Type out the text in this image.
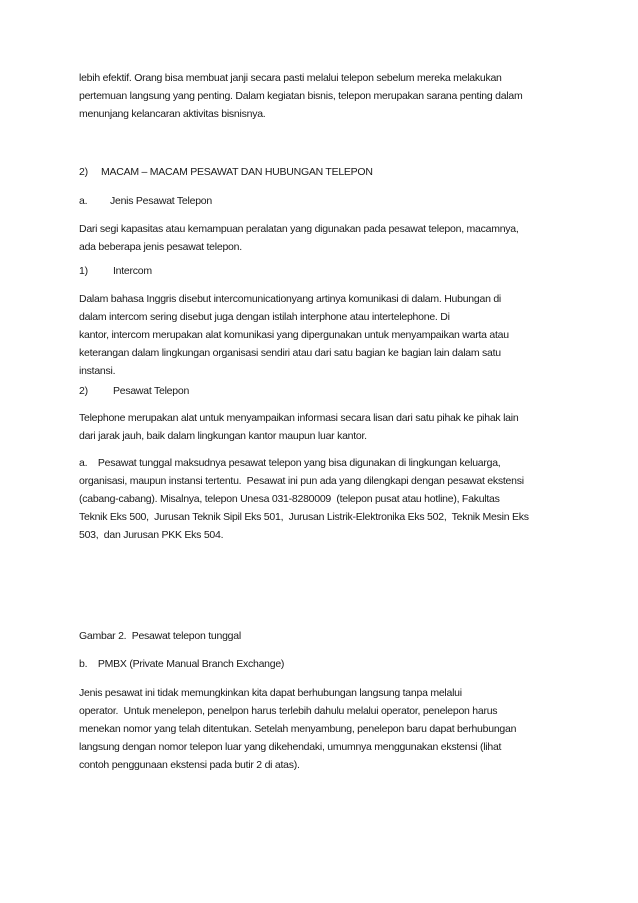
lebih efektif. Orang bisa membuat janji secara pasti melalui telepon sebelum mereka melakukan
pertemuan langsung yang penting. Dalam kegiatan bisnis, telepon merupakan sarana penting dalam
menunjang kelancaran aktivitas bisnisnya.

2) MACAM – MACAM PESAWAT DAN HUBUNGAN TELEPON

a. Jenis Pesawat Telepon

Dari segi kapasitas atau kemampuan peralatan yang digunakan pada pesawat telepon, macamnya,
ada beberapa jenis pesawat telepon.

1) Intercom

Dalam bahasa Inggris disebut intercomunicationyang artinya komunikasi di dalam. Hubungan di
dalam intercom sering disebut juga dengan istilah interphone atau intertelephone. Di
kantor, intercom merupakan alat komunikasi yang dipergunakan untuk menyampaikan warta atau
keterangan dalam lingkungan organisasi sendiri atau dari satu bagian ke bagian lain dalam satu
instansi.

2) Pesawat Telepon

Telephone merupakan alat untuk menyampaikan informasi secara lisan dari satu pihak ke pihak lain
dari jarak jauh, baik dalam lingkungan kantor maupun luar kantor.

a.    Pesawat tunggal maksudnya pesawat telepon yang bisa digunakan di lingkungan keluarga,
organisasi, maupun instansi tertentu.  Pesawat ini pun ada yang dilengkapi dengan pesawat ekstensi
(cabang-cabang). Misalnya, telepon Unesa 031-8280009  (telepon pusat atau hotline), Fakultas
Teknik Eks 500,  Jurusan Teknik Sipil Eks 501,  Jurusan Listrik-Elektronika Eks 502,  Teknik Mesin Eks
503,  dan Jurusan PKK Eks 504.

Gambar 2.  Pesawat telepon tunggal

b.    PMBX (Private Manual Branch Exchange)

Jenis pesawat ini tidak memungkinkan kita dapat berhubungan langsung tanpa melalui
operator.  Untuk menelepon, penelpon harus terlebih dahulu melalui operator, penelepon harus
menekan nomor yang telah ditentukan. Setelah menyambung, penelepon baru dapat berhubungan
langsung dengan nomor telepon luar yang dikehendaki, umumnya menggunakan ekstensi (lihat
contoh penggunaan ekstensi pada butir 2 di atas).
